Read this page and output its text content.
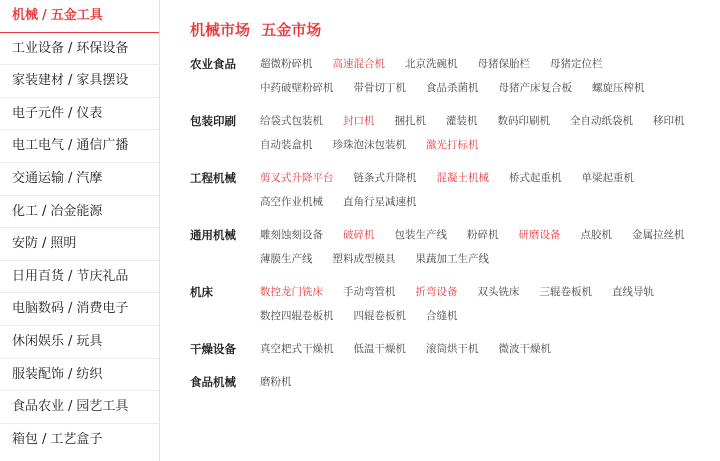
机械 / 五金工具
工业设备 / 环保设备
家装建材 / 家具摆设
电子元件 / 仪表
电工电气 / 通信广播
交通运输 / 汽摩
化工 / 冶金能源
安防 / 照明
日用百货 / 节庆礼品
电脑数码 / 消费电子
休闲娱乐 / 玩具
服装配饰 / 纺织
食品农业 / 园艺工具
箱包 / 工艺盒子
机械市场 五金市场
农业食品	超微粉碎机 高速混合机 北京洗碗机 母猪保胎栏 母猪定位栏
中药破壁粉碎机 带骨切丁机 食品杀菌机 母猪产床复合板 螺旋压榨机
包装印刷	给袋式包装机 封口机 捆扎机 灌装机 数码印刷机 全自动纸袋机 移印机
自动装盒机 珍珠泡沫包装机 激光打标机
工程机械	剪叉式升降平台 链条式升降机 混凝土机械 桥式起重机 单梁起重机
高空作业机械 直角行星减速机
通用机械	雕刻蚀刻设备 破碎机 包装生产线 粉碎机 研磨设备 点胶机 金属拉丝机
薄膜生产线 塑料成型模具 果蔬加工生产线
机床	数控龙门铣床 手动弯管机 折弯设备 双头铣床 三辊卷板机 直线导轨
数控四辊卷板机 四辊卷板机 合缝机
干燥设备	真空耙式干燥机 低温干燥机 滚筒烘干机 微波干燥机
食品机械	磨粉机
